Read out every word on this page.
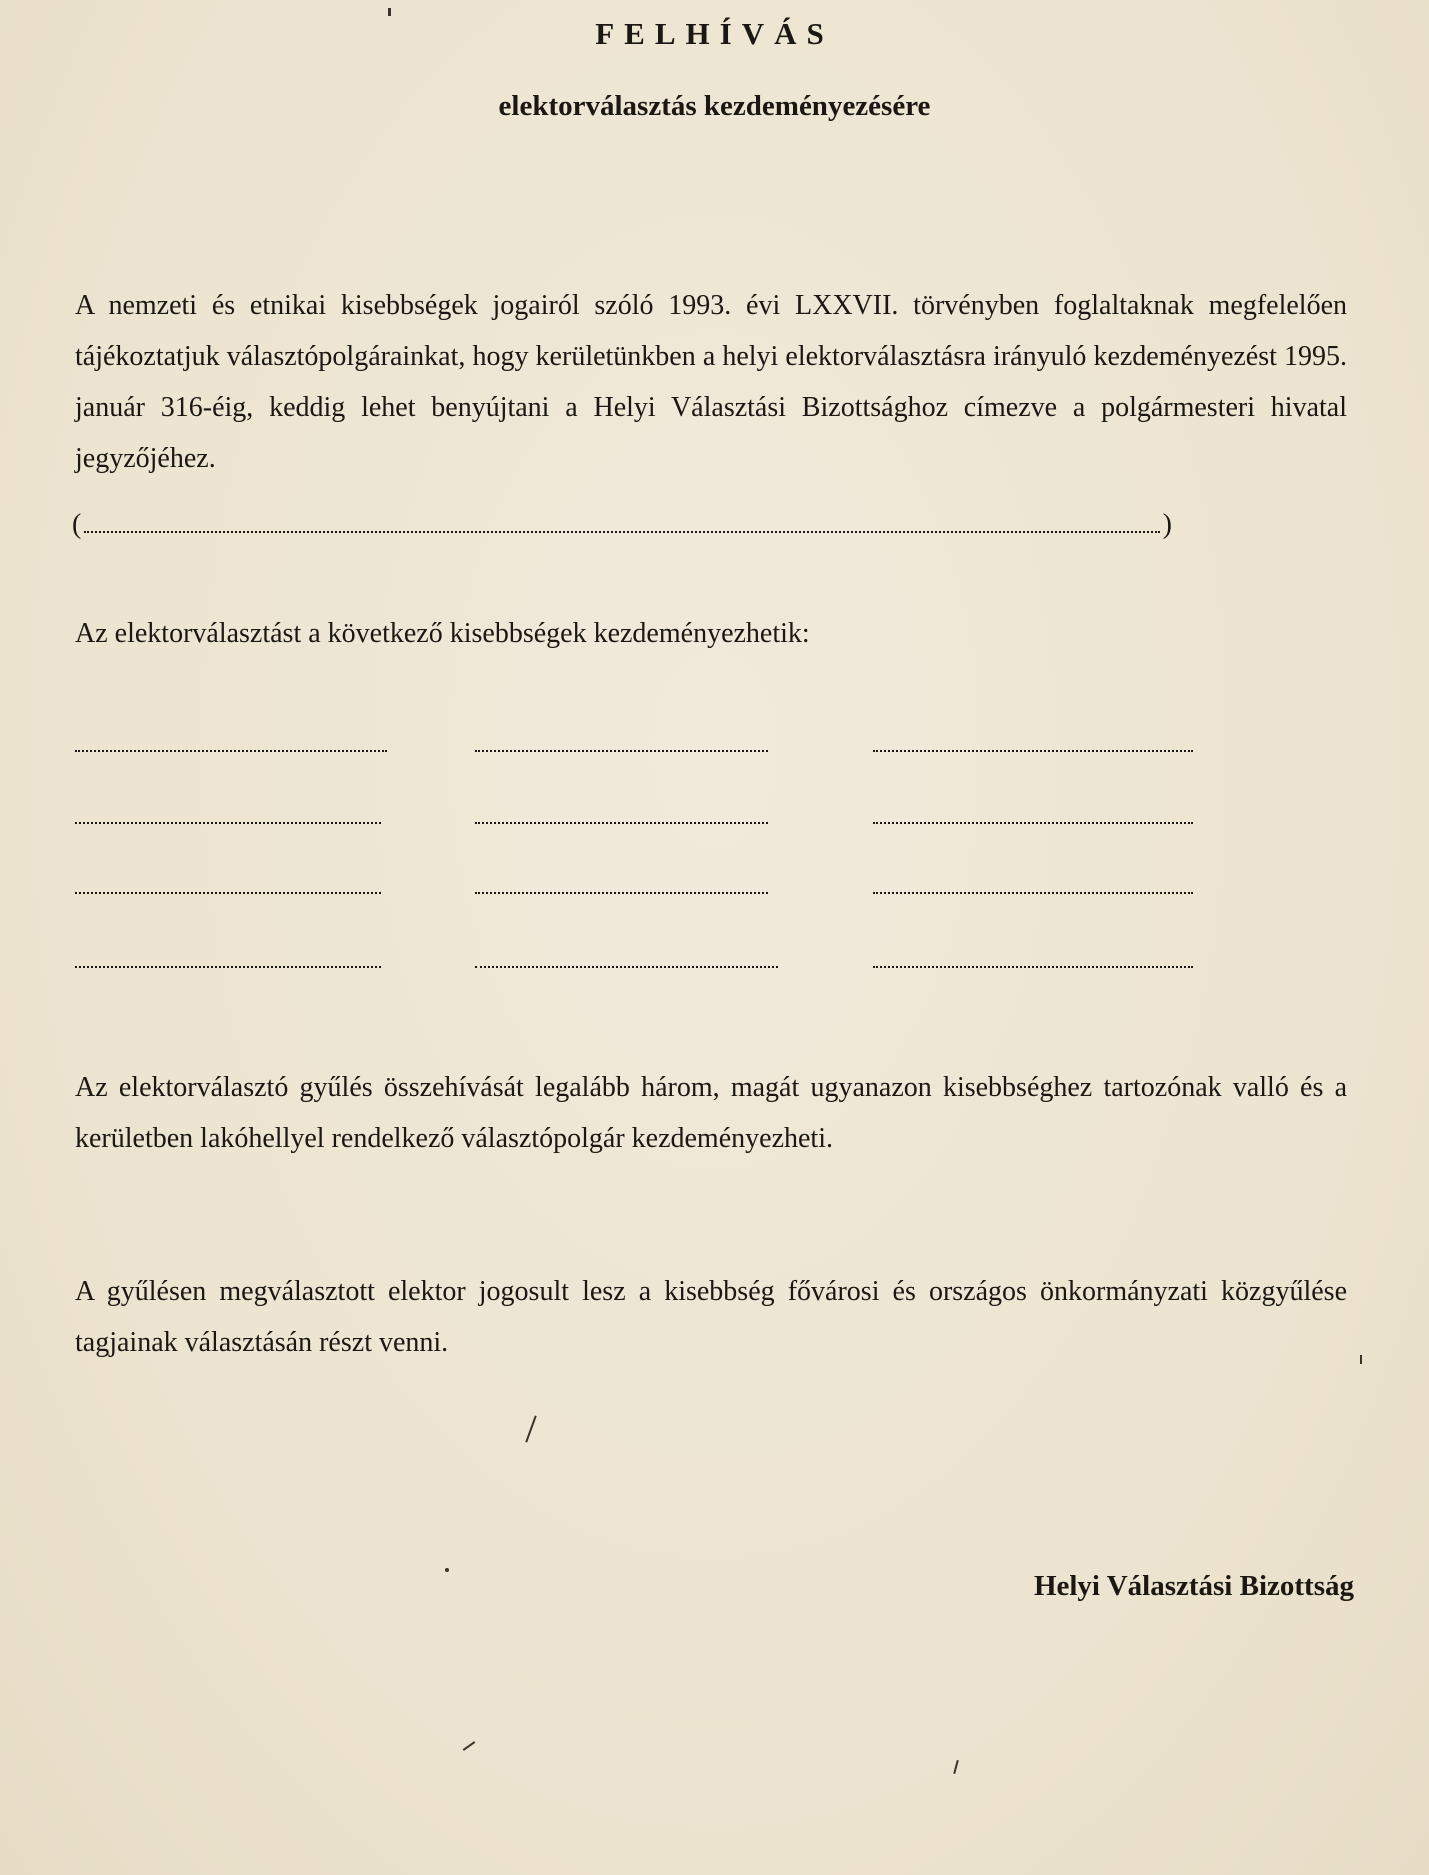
FELHÍVÁS
elektorválasztás kezdeményezésére
A nemzeti és etnikai kisebbségek jogairól szóló 1993. évi LXXVII. törvényben foglaltaknak megfelelően tájékoztatjuk választópolgárainkat, hogy kerületünkben a helyi elektorválasztásra irányuló kezdeményezést 1995. január 316-éig, keddig lehet benyújtani a Helyi Választási Bizottsághoz címezve a polgármesteri hivatal jegyzőjéhez.
(	)
Az elektorválasztást a következő kisebbségek kezdeményezhetik:
Az elektorválasztó gyűlés összehívását legalább három, magát ugyanazon kisebbséghez tartozónak valló és a kerületben lakóhellyel rendelkező választópolgár kezdeményezheti.
A gyűlésen megválasztott elektor jogosult lesz a kisebbség fővárosi és országos önkormányzati közgyűlése tagjainak választásán részt venni.
Helyi Választási Bizottság
